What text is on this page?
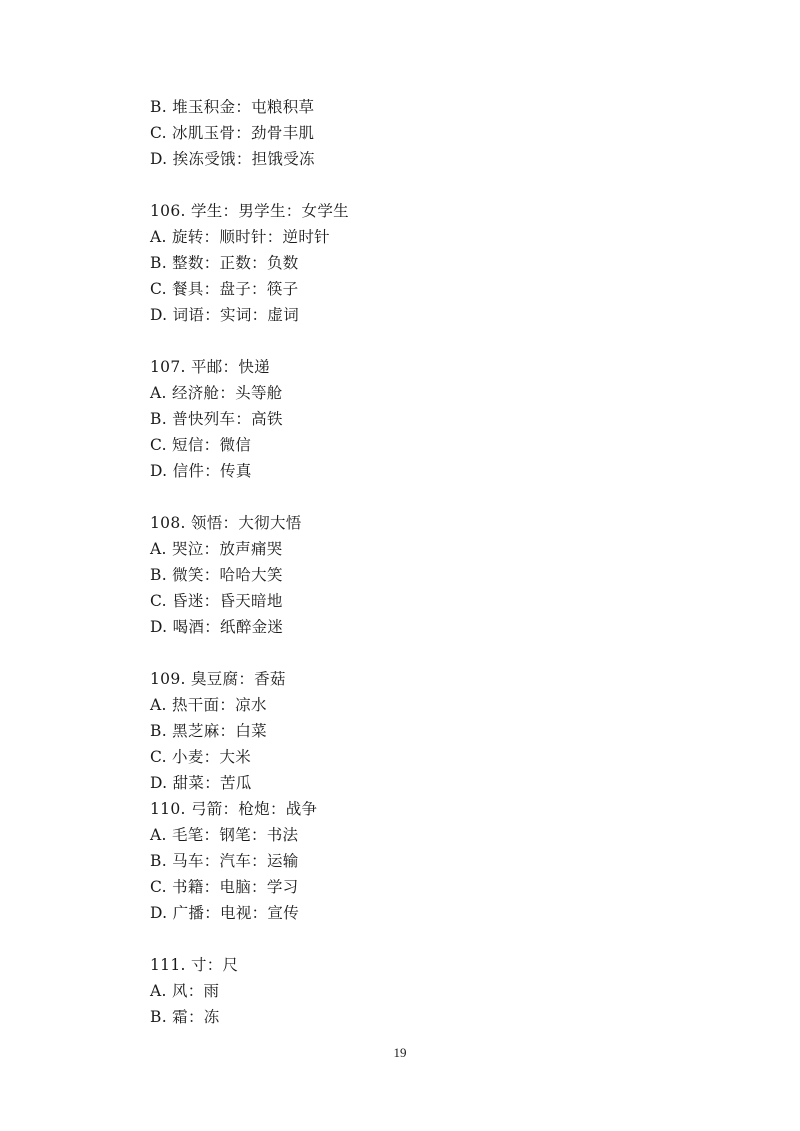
B. 堆玉积金：屯粮积草
C. 冰肌玉骨：劲骨丰肌
D. 挨冻受饿：担饿受冻
106. 学生：男学生：女学生
A. 旋转：顺时针：逆时针
B. 整数：正数：负数
C. 餐具：盘子：筷子
D. 词语：实词：虚词
107. 平邮：快递
A. 经济舱：头等舱
B. 普快列车：高铁
C. 短信：微信
D. 信件：传真
108. 领悟：大彻大悟
A. 哭泣：放声痛哭
B. 微笑：哈哈大笑
C. 昏迷：昏天暗地
D. 喝酒：纸醉金迷
109. 臭豆腐：香菇
A. 热干面：凉水
B. 黑芝麻：白菜
C. 小麦：大米
D. 甜菜：苦瓜
110. 弓箭：枪炮：战争
A. 毛笔：钢笔：书法
B. 马车：汽车：运输
C. 书籍：电脑：学习
D. 广播：电视：宣传
111. 寸：尺
A. 风：雨
B. 霜：冻
19
